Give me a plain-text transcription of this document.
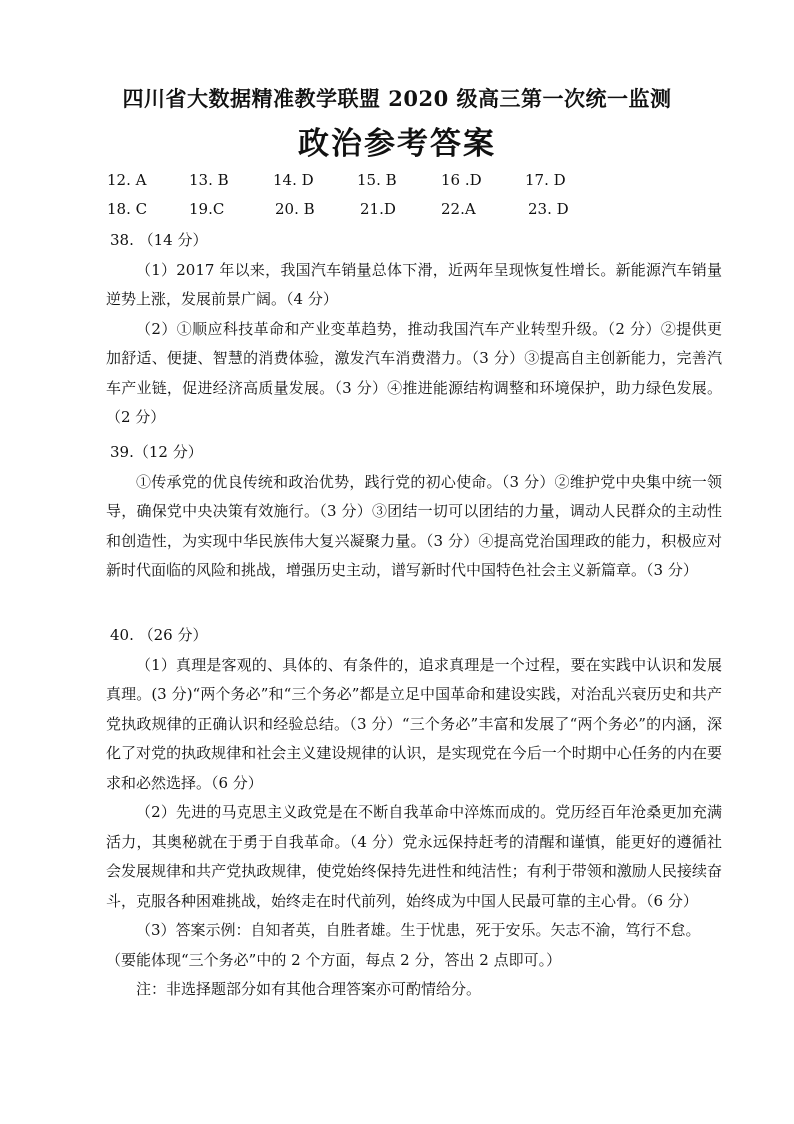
四川省大数据精准教学联盟 2020 级高三第一次统一监测
政治参考答案
12. A	13. B	14. D	15. B	16 .D	17. D
18. C	19.C	20. B	21.D	22.A	23. D

38. （14 分）

（1）2017 年以来，我国汽车销量总体下滑，近两年呈现恢复性增长。新能源汽车销量逆势上涨，发展前景广阔。（4 分）

（2）①顺应科技革命和产业变革趋势，推动我国汽车产业转型升级。（2 分）②提供更加舒适、便捷、智慧的消费体验，激发汽车消费潜力。（3 分）③提高自主创新能力，完善汽车产业链，促进经济高质量发展。（3 分）④推进能源结构调整和环境保护，助力绿色发展。（2 分）

39.（12 分）

①传承党的优良传统和政治优势，践行党的初心使命。（3 分）②维护党中央集中统一领导，确保党中央决策有效施行。（3 分）③团结一切可以团结的力量，调动人民群众的主动性和创造性，为实现中华民族伟大复兴凝聚力量。（3 分）④提高党治国理政的能力，积极应对新时代面临的风险和挑战，增强历史主动，谱写新时代中国特色社会主义新篇章。（3 分）

40. （26 分）

（1）真理是客观的、具体的、有条件的，追求真理是一个过程，要在实践中认识和发展真理。(3 分)“两个务必”和“三个务必”都是立足中国革命和建设实践，对治乱兴衰历史和共产党执政规律的正确认识和经验总结。（3 分）“三个务必”丰富和发展了“两个务必”的内涵，深化了对党的执政规律和社会主义建设规律的认识，是实现党在今后一个时期中心任务的内在要求和必然选择。（6 分）

（2）先进的马克思主义政党是在不断自我革命中淬炼而成的。党历经百年沧桑更加充满活力，其奥秘就在于勇于自我革命。（4 分）党永远保持赶考的清醒和谨慎，能更好的遵循社会发展规律和共产党执政规律，使党始终保持先进性和纯洁性；有利于带领和激励人民接续奋斗，克服各种困难挑战，始终走在时代前列，始终成为中国人民最可靠的主心骨。（6 分）

（3）答案示例：自知者英，自胜者雄。生于忧患，死于安乐。矢志不渝，笃行不怠。

（要能体现“三个务必”中的 2 个方面，每点 2 分，答出 2 点即可。）

注：非选择题部分如有其他合理答案亦可酌情给分。
